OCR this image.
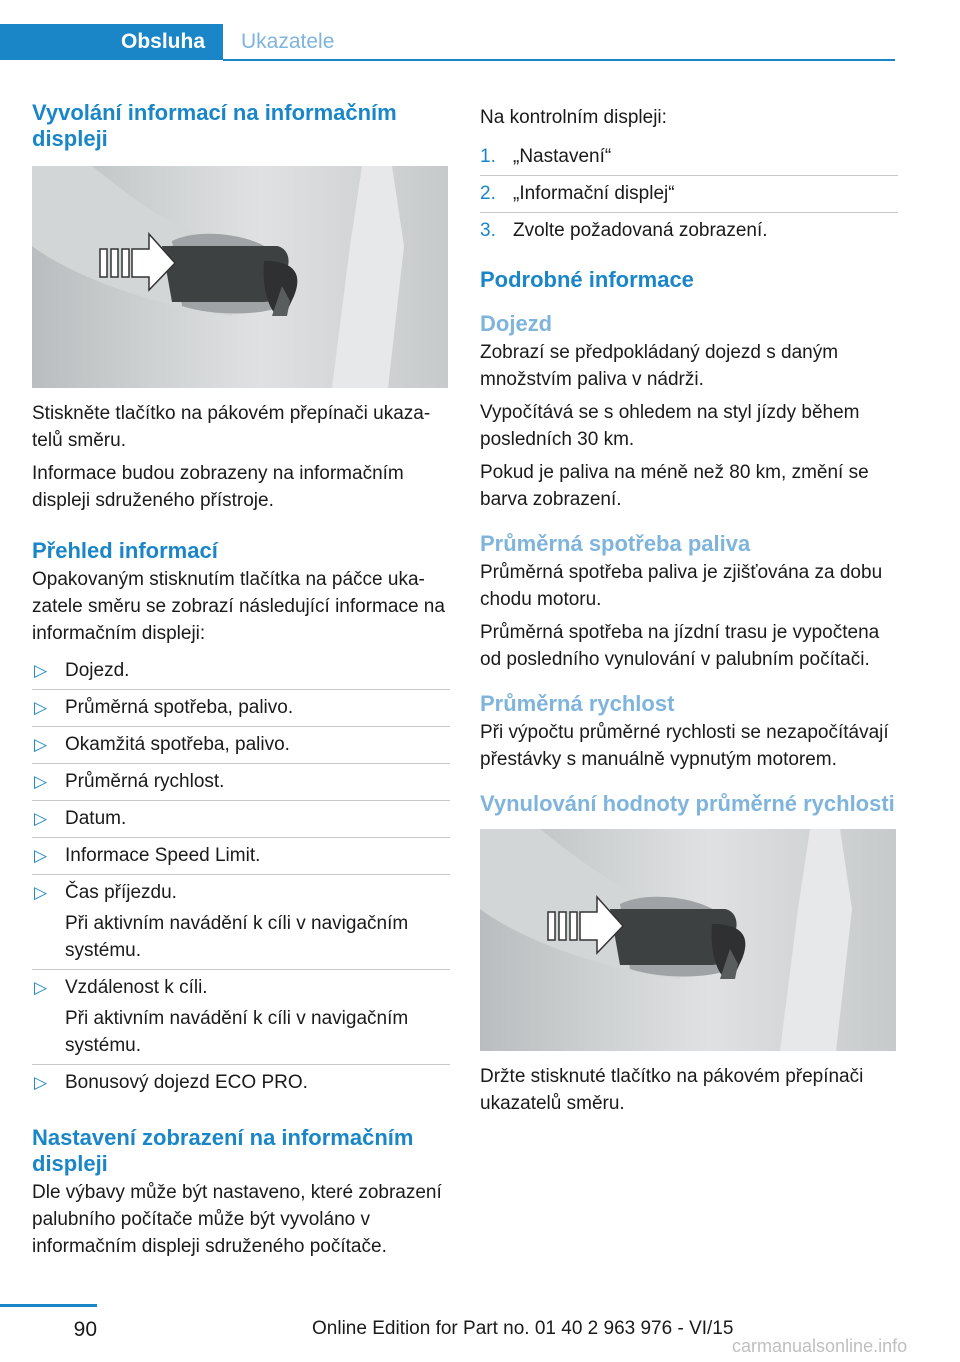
Obsluha	Ukazatele
Vyvolání informací na informačním displeji

Stiskněte tlačítko na pákovém přepínači ukazatelů směru.

Informace budou zobrazeny na informačním displeji sdruženého přístroje.

Přehled informací

Opakovaným stisknutím tlačítka na páčce ukazatele směru se zobrazí následující informace na informačním displeji:

▷ Dojezd.
▷ Průměrná spotřeba, palivo.
▷ Okamžitá spotřeba, palivo.
▷ Průměrná rychlost.
▷ Datum.
▷ Informace Speed Limit.
▷ Čas příjezdu.
Při aktivním navádění k cíli v navigačním systému.
▷ Vzdálenost k cíli.
Při aktivním navádění k cíli v navigačním systému.
▷ Bonusový dojezd ECO PRO.
Nastavení zobrazení na informačním displeji

Dle výbavy může být nastaveno, které zobrazení palubního počítače může být vyvoláno v informačním displeji sdruženého počítače.

Na kontrolním displeji:

1. „Nastavení“
2. „Informační displej“
3. Zvolte požadovaná zobrazení.
Podrobné informace
Dojezd

Zobrazí se předpokládaný dojezd s daným množstvím paliva v nádrži.

Vypočítává se s ohledem na styl jízdy během posledních 30 km.

Pokud je paliva na méně než 80 km, změní se barva zobrazení.

Průměrná spotřeba paliva

Průměrná spotřeba paliva je zjišťována za dobu chodu motoru.

Průměrná spotřeba na jízdní trasu je vypočtena od posledního vynulování v palubním počítači.

Průměrná rychlost

Při výpočtu průměrné rychlosti se nezapočítávají přestávky s manuálně vypnutým motorem.

Vynulování hodnoty průměrné rychlosti

Držte stisknuté tlačítko na pákovém přepínači ukazatelů směru.

90	Online Edition for Part no. 01 40 2 963 976 - VI/15
carmanualsonline.info
